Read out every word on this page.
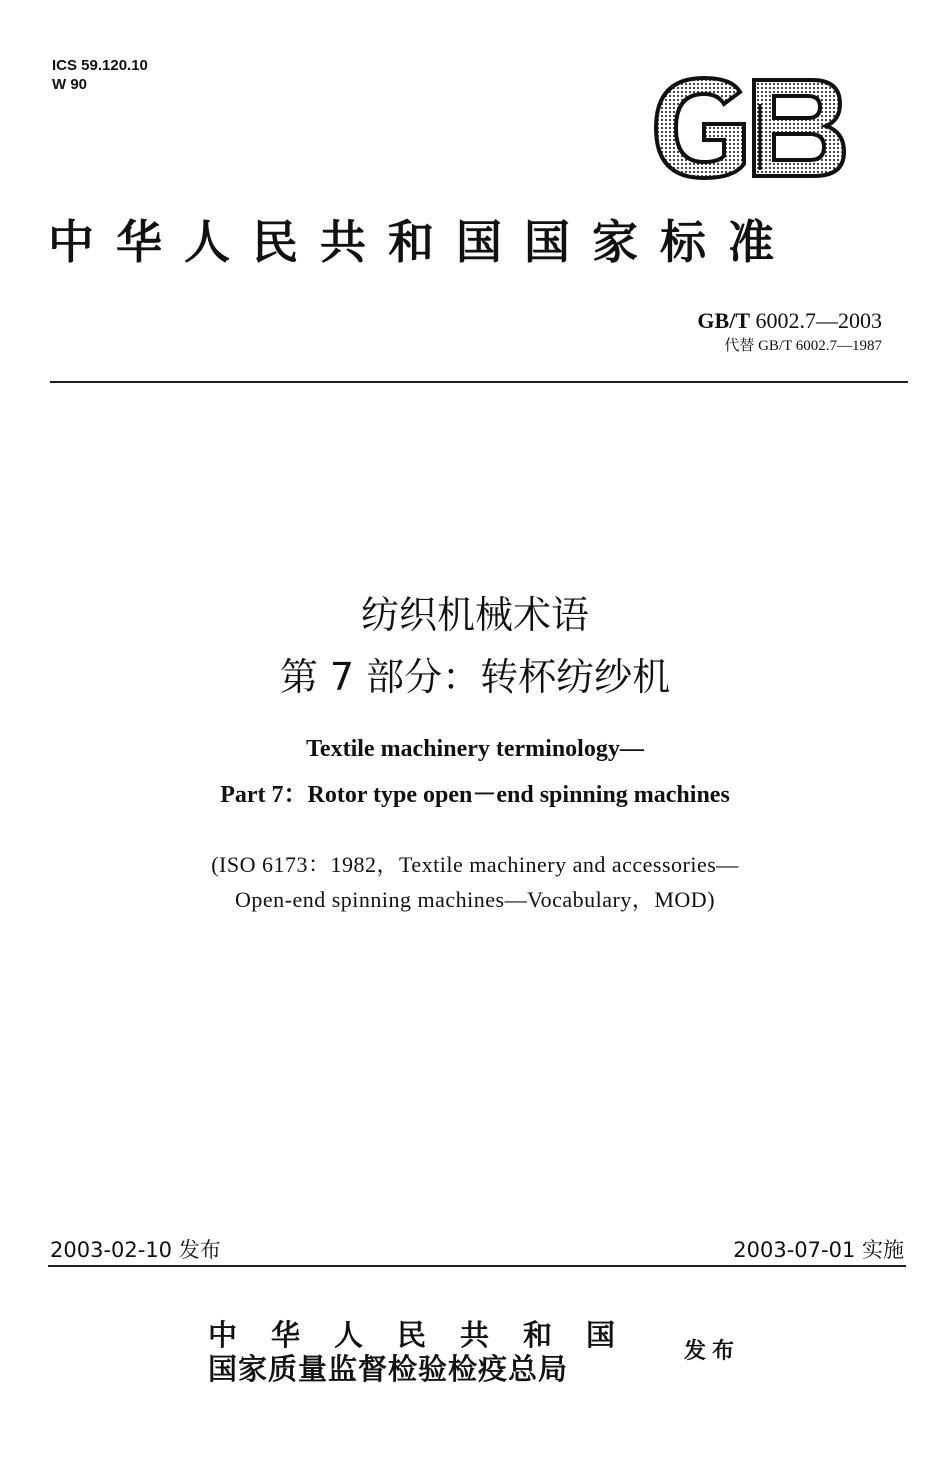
ICS 59.120.10
W 90
中华人民共和国国家标准
GB/T 6002.7—2003
代替 GB/T 6002.7—1987
纺织机械术语
第 7 部分：转杯纺纱机
Textile machinery terminology—
Part 7：Rotor type open－end spinning machines
(ISO 6173：1982，Textile machinery and accessories—
Open-end spinning machines—Vocabulary，MOD)
2003-02-10 发布	2003-07-01 实施
中华人民共和国
国家质量监督检验检疫总局
发布
